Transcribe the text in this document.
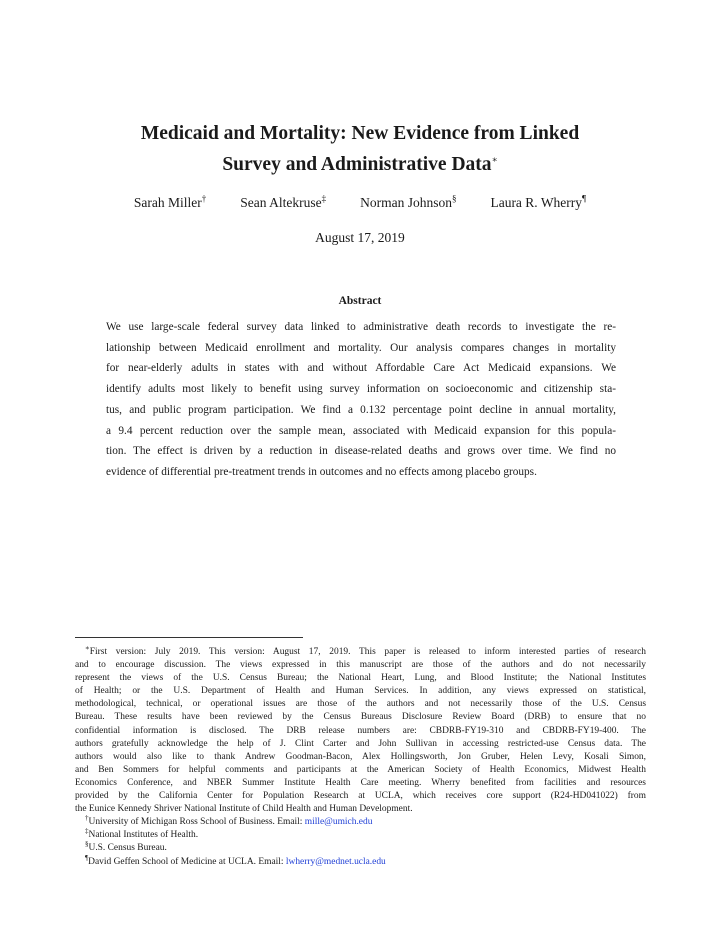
Medicaid and Mortality: New Evidence from Linked
Survey and Administrative Data∗
Sarah Miller†	Sean Altekruse‡	Norman Johnson§	Laura R. Wherry¶
August 17, 2019
Abstract
We use large-scale federal survey data linked to administrative death records to investigate the re-
lationship between Medicaid enrollment and mortality. Our analysis compares changes in mortality
for near-elderly adults in states with and without Affordable Care Act Medicaid expansions. We
identify adults most likely to benefit using survey information on socioeconomic and citizenship sta-
tus, and public program participation. We find a 0.132 percentage point decline in annual mortality,
a 9.4 percent reduction over the sample mean, associated with Medicaid expansion for this popula-
tion. The effect is driven by a reduction in disease-related deaths and grows over time. We find no
evidence of differential pre-treatment trends in outcomes and no effects among placebo groups.
∗First version: July 2019. This version: August 17, 2019. This paper is released to inform interested parties of research
and to encourage discussion. The views expressed in this manuscript are those of the authors and do not necessarily
represent the views of the U.S. Census Bureau; the National Heart, Lung, and Blood Institute; the National Institutes
of Health; or the U.S. Department of Health and Human Services. In addition, any views expressed on statistical,
methodological, technical, or operational issues are those of the authors and not necessarily those of the U.S. Census
Bureau. These results have been reviewed by the Census Bureaus Disclosure Review Board (DRB) to ensure that no
confidential information is disclosed. The DRB release numbers are: CBDRB-FY19-310 and CBDRB-FY19-400. The
authors gratefully acknowledge the help of J. Clint Carter and John Sullivan in accessing restricted-use Census data. The
authors would also like to thank Andrew Goodman-Bacon, Alex Hollingsworth, Jon Gruber, Helen Levy, Kosali Simon,
and Ben Sommers for helpful comments and participants at the American Society of Health Economics, Midwest Health
Economics Conference, and NBER Summer Institute Health Care meeting. Wherry benefited from facilities and resources
provided by the California Center for Population Research at UCLA, which receives core support (R24-HD041022) from
the Eunice Kennedy Shriver National Institute of Child Health and Human Development.
†University of Michigan Ross School of Business. Email: mille@umich.edu
‡National Institutes of Health.
§U.S. Census Bureau.
¶David Geffen School of Medicine at UCLA. Email: lwherry@mednet.ucla.edu
